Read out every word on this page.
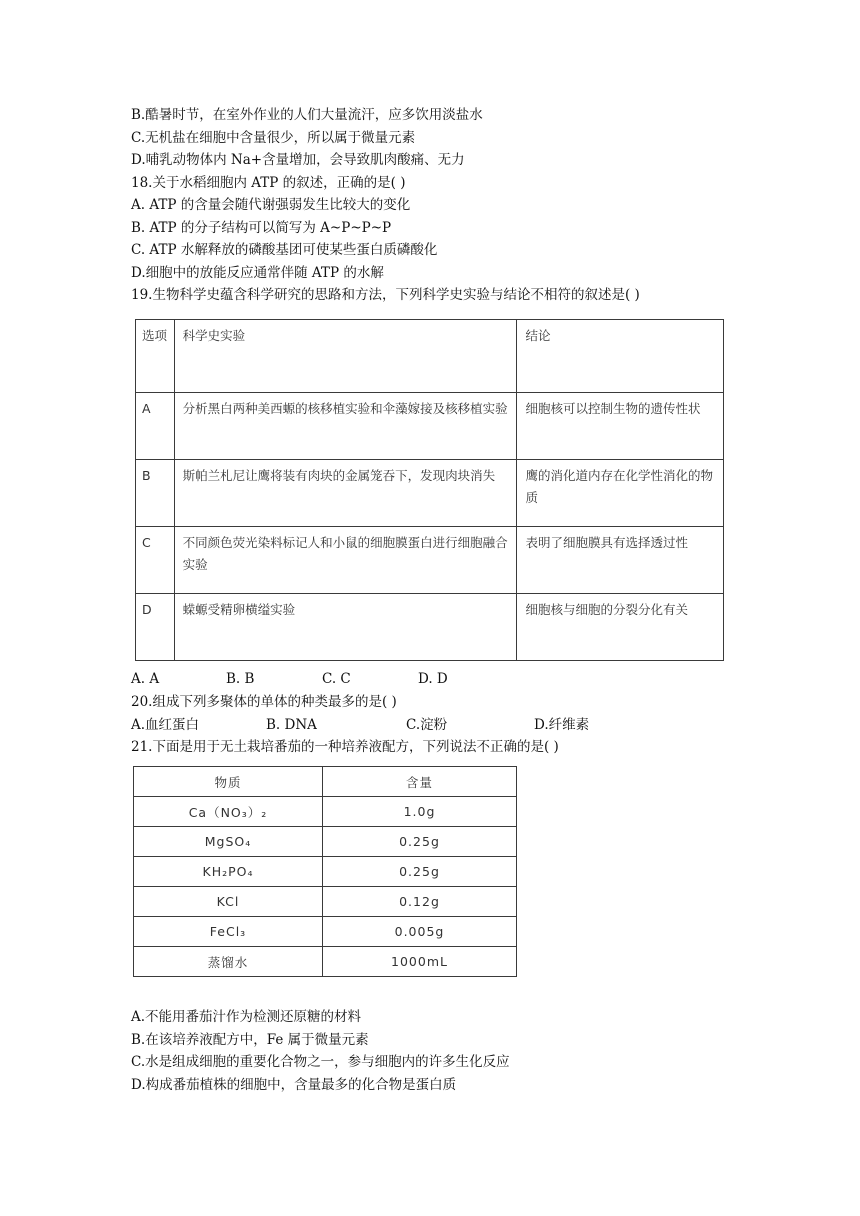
B.酷暑时节，在室外作业的人们大量流汗，应多饮用淡盐水
C.无机盐在细胞中含量很少，所以属于微量元素
D.哺乳动物体内 Na+含量增加，会导致肌肉酸痛、无力
18.关于水稻细胞内 ATP 的叙述，正确的是( )
A. ATP 的含量会随代谢强弱发生比较大的变化
B. ATP 的分子结构可以简写为 A~P~P~P
C. ATP 水解释放的磷酸基团可使某些蛋白质磷酸化
D.细胞中的放能反应通常伴随 ATP 的水解
19.生物科学史蕴含科学研究的思路和方法，下列科学史实验与结论不相符的叙述是( )
选项	科学史实验	结论
A	分析黑白两种美西螈的核移植实验和伞藻嫁接及核移植实验	细胞核可以控制生物的遗传性状
B	斯帕兰札尼让鹰将装有肉块的金属笼吞下，发现肉块消失	鹰的消化道内存在化学性消化的物质
C	不同颜色荧光染料标记人和小鼠的细胞膜蛋白进行细胞融合实验	表明了细胞膜具有选择透过性
D	蝾螈受精卵横缢实验	细胞核与细胞的分裂分化有关
A. A	B. B	C. C	D. D
20.组成下列多聚体的单体的种类最多的是( )
A.血红蛋白	B. DNA	C.淀粉	D.纤维素
21.下面是用于无土栽培番茄的一种培养液配方，下列说法不正确的是( )
物质	含量
Ca（NO₃）₂	1.0g
MgSO₄	0.25g
KH₂PO₄	0.25g
KCl	0.12g
FeCl₃	0.005g
蒸馏水	1000mL
A.不能用番茄汁作为检测还原糖的材料
B.在该培养液配方中，Fe 属于微量元素
C.水是组成细胞的重要化合物之一，参与细胞内的许多生化反应
D.构成番茄植株的细胞中，含量最多的化合物是蛋白质
